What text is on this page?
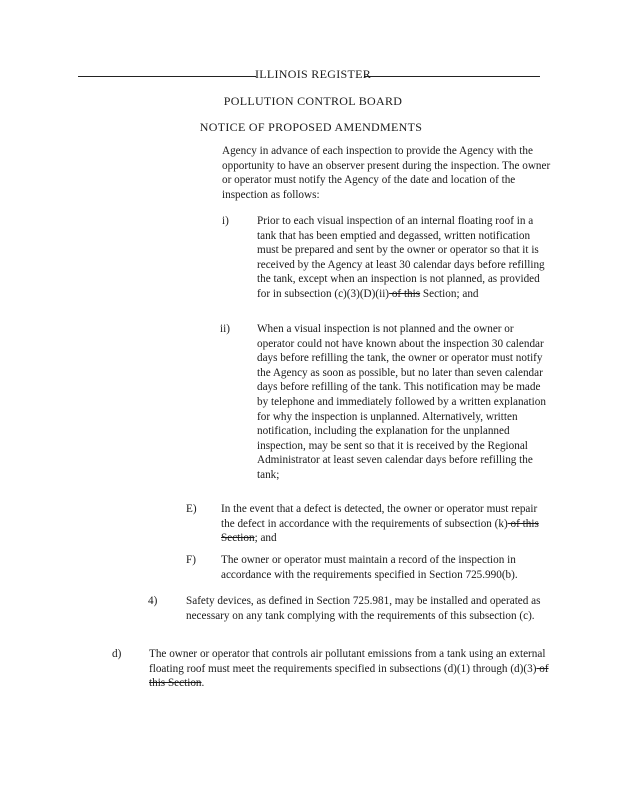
ILLINOIS REGISTER
POLLUTION CONTROL BOARD
NOTICE OF PROPOSED AMENDMENTS

Agency in advance of each inspection to provide the Agency with the opportunity to have an observer present during the inspection. The owner or operator must notify the Agency of the date and location of the inspection as follows:

i)	Prior to each visual inspection of an internal floating roof in a tank that has been emptied and degassed, written notification must be prepared and sent by the owner or operator so that it is received by the Agency at least 30 calendar days before refilling the tank, except when an inspection is not planned, as provided for in subsection (c)(3)(D)(ii) of this Section; and

ii) When a visual inspection is not planned and the owner or operator could not have known about the inspection 30 calendar days before refilling the tank, the owner or operator must notify the Agency as soon as possible, but no later than seven calendar days before refilling of the tank. This notification may be made by telephone and immediately followed by a written explanation for why the inspection is unplanned. Alternatively, written notification, including the explanation for the unplanned inspection, may be sent so that it is received by the Regional Administrator at least seven calendar days before refilling the tank;

E) In the event that a defect is detected, the owner or operator must repair the defect in accordance with the requirements of subsection (k) of this Section; and

F) The owner or operator must maintain a record of the inspection in accordance with the requirements specified in Section 725.990(b).

4)	Safety devices, as defined in Section 725.981, may be installed and operated as necessary on any tank complying with the requirements of this subsection (c).

d) The owner or operator that controls air pollutant emissions from a tank using an external floating roof must meet the requirements specified in subsections (d)(1) through (d)(3) of this Section.
